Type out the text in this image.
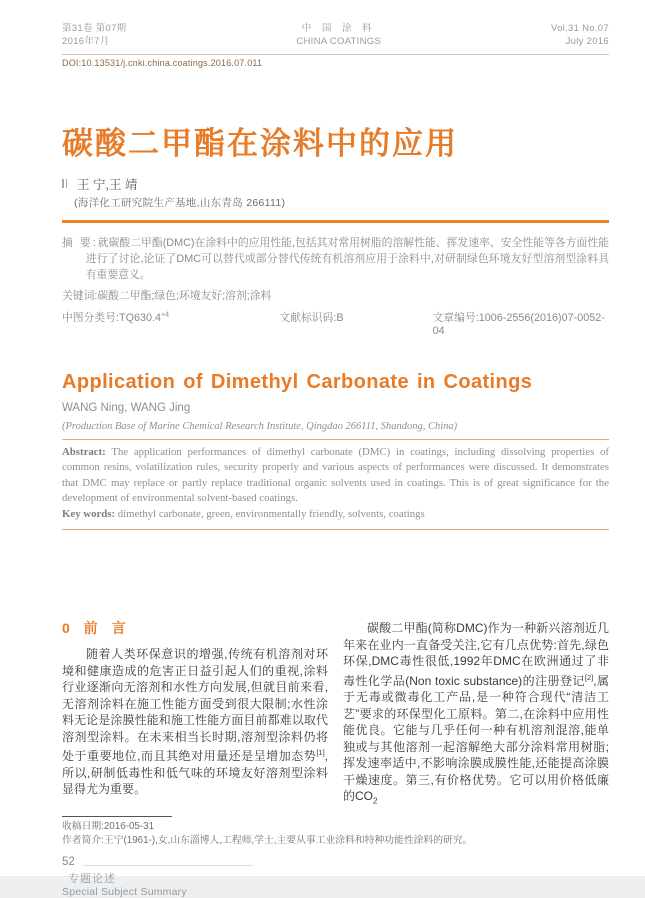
第31卷 第07期
2016年7月
中 国 涂 料
CHINA COATINGS
Vol.31 No.07
July 2016
DOI:10.13531/j.cnki.china.coatings.2016.07.011
碳酸二甲酯在涂料中的应用
王 宁,王 靖
(海洋化工研究院生产基地,山东青岛 266111)
摘 要:就碳酸二甲酯(DMC)在涂料中的应用性能,包括其对常用树脂的溶解性能、挥发速率、安全性能等各方面性能进行了讨论,论证了DMC可以替代或部分替代传统有机溶剂应用于涂料中,对研制绿色环境友好型溶剂型涂料具有重要意义。
关键词:碳酸二甲酯;绿色;环境友好;溶剂;涂料
中图分类号$:TQ630.4^{+4}$	文献标识码:B	文章编号:1006-2556(2016)07-0052-04
Application of Dimethyl Carbonate in Coatings
WANG Ning, WANG Jing
(Production Base of Marine Chemical Research Institute, Qingdao 266111, Shandong, China)

Abstract: The application performances of dimethyl carbonate (DMC) in coatings, including dissolving properties of common resins, volatilization rules, security properly and various aspects of performances were discussed. It demonstrates that DMC may replace or partly replace traditional organic solvents used in coatings. This is of great significance for the development of environmental solvent-based coatings.

Key words: dimethyl carbonate, green, environmentally friendly, solvents, coatings

0 前 言

随着人类环保意识的增强,传统有机溶剂对环境和健康造成的危害正日益引起人们的重视,涂料行业逐渐向无溶剂和水性方向发展,但就目前来看,无溶剂涂料在施工性能方面受到很大限制;水性涂料无论是涂膜性能和施工性能方面目前都难以取代溶剂型涂料。在未来相当长时期,溶剂型涂料仍将处于重要地位,而且其绝对用量还是呈增加态势[1],所以,研制低毒性和低气味的环境友好溶剂型涂料显得尤为重要。

碳酸二甲酯(简称DMC)作为一种新兴溶剂近几年来在业内一直备受关注,它有几点优势:首先,绿色环保,DMC毒性很低,1992年DMC在欧洲通过了非毒性化学品(Non toxic substance)的注册登记[2],属于无毒或微毒化工产品,是一种符合现代“清洁工艺”要求的环保型化工原料。第二,在涂料中应用性能优良。它能与几乎任何一种有机溶剂混溶,能单独或与其他溶剂一起溶解绝大部分涂料常用树脂;挥发速率适中,不影响涂膜成膜性能,还能提高涂膜干燥速度。第三,有价格优势。它可以用价格低廉的$CO_2$

收稿日期:2016-05-31
作者简介:王宁(1961-),女,山东淄博人,工程师,学士,主要从事工业涂料和特种功能性涂料的研究。
52
专题论述
Special Subject Summary
